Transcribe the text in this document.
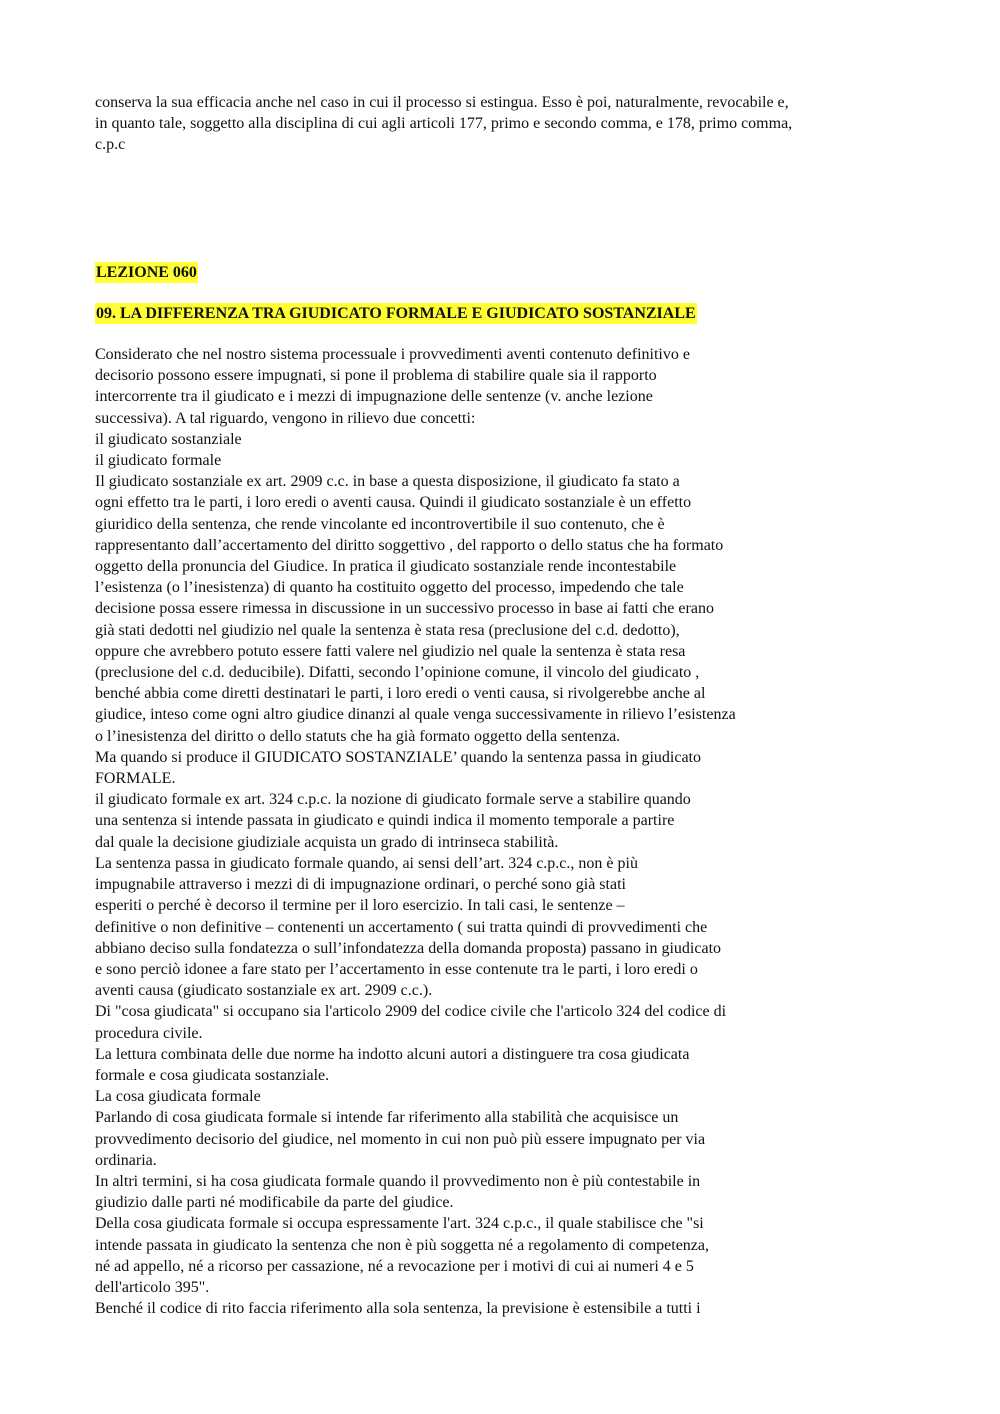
conserva la sua efficacia anche nel caso in cui il processo si estingua. Esso è poi, naturalmente, revocabile e,
in quanto tale, soggetto alla disciplina di cui agli articoli 177, primo e secondo comma, e 178, primo comma,
c.p.c
LEZIONE 060
09. LA DIFFERENZA TRA GIUDICATO FORMALE E GIUDICATO SOSTANZIALE
Considerato che nel nostro sistema processuale i provvedimenti aventi contenuto definitivo e
decisorio possono essere impugnati, si pone il problema di stabilire quale sia il rapporto
intercorrente tra il giudicato e i mezzi di impugnazione delle sentenze (v. anche lezione
successiva). A tal riguardo, vengono in rilievo due concetti:
il giudicato sostanziale
il giudicato formale
Il giudicato sostanziale ex art. 2909 c.c. in base a questa disposizione, il giudicato fa stato a
ogni effetto tra le parti, i loro eredi o aventi causa. Quindi il giudicato sostanziale è un effetto
giuridico della sentenza, che rende vincolante ed incontrovertibile il suo contenuto, che è
rappresentanto dall’accertamento del diritto soggettivo , del rapporto o dello status che ha formato
oggetto della pronuncia del Giudice. In pratica il giudicato sostanziale rende incontestabile
l’esistenza (o l’inesistenza) di quanto ha costituito oggetto del processo, impedendo che tale
decisione possa essere rimessa in discussione in un successivo processo in base ai fatti che erano
già stati dedotti nel giudizio nel quale la sentenza è stata resa (preclusione del c.d. dedotto),
oppure che avrebbero potuto essere fatti valere nel giudizio nel quale la sentenza è stata resa
(preclusione del c.d. deducibile). Difatti, secondo l’opinione comune, il vincolo del giudicato ,
benché abbia come diretti destinatari le parti, i loro eredi o venti causa, si rivolgerebbe anche al
giudice, inteso come ogni altro giudice dinanzi al quale venga successivamente in rilievo l’esistenza
o l’inesistenza del diritto o dello statuts che ha già formato oggetto della sentenza.
Ma quando si produce il GIUDICATO SOSTANZIALE’ quando la sentenza passa in giudicato
FORMALE.
il giudicato formale ex art. 324 c.p.c. la nozione di giudicato formale serve a stabilire quando
una sentenza si intende passata in giudicato e quindi indica il momento temporale a partire
dal quale la decisione giudiziale acquista un grado di intrinseca stabilità.
La sentenza passa in giudicato formale quando, ai sensi dell’art. 324 c.p.c., non è più
impugnabile attraverso i mezzi di di impugnazione ordinari, o perché sono già stati
esperiti o perché è decorso il termine per il loro esercizio. In tali casi, le sentenze –
definitive o non definitive – contenenti un accertamento ( sui tratta quindi di provvedimenti che
abbiano deciso sulla fondatezza o sull’infondatezza della domanda proposta) passano in giudicato
e sono perciò idonee a fare stato per l’accertamento in esse contenute tra le parti, i loro eredi o
aventi causa (giudicato sostanziale ex art. 2909 c.c.).
Di "cosa giudicata" si occupano sia l'articolo 2909 del codice civile che l'articolo 324 del codice di
procedura civile.
La lettura combinata delle due norme ha indotto alcuni autori a distinguere tra cosa giudicata
formale e cosa giudicata sostanziale.
La cosa giudicata formale
Parlando di cosa giudicata formale si intende far riferimento alla stabilità che acquisisce un
provvedimento decisorio del giudice, nel momento in cui non può più essere impugnato per via
ordinaria.
In altri termini, si ha cosa giudicata formale quando il provvedimento non è più contestabile in
giudizio dalle parti né modificabile da parte del giudice.
Della cosa giudicata formale si occupa espressamente l'art. 324 c.p.c., il quale stabilisce che "si
intende passata in giudicato la sentenza che non è più soggetta né a regolamento di competenza,
né ad appello, né a ricorso per cassazione, né a revocazione per i motivi di cui ai numeri 4 e 5
dell'articolo 395".
Benché il codice di rito faccia riferimento alla sola sentenza, la previsione è estensibile a tutti i
